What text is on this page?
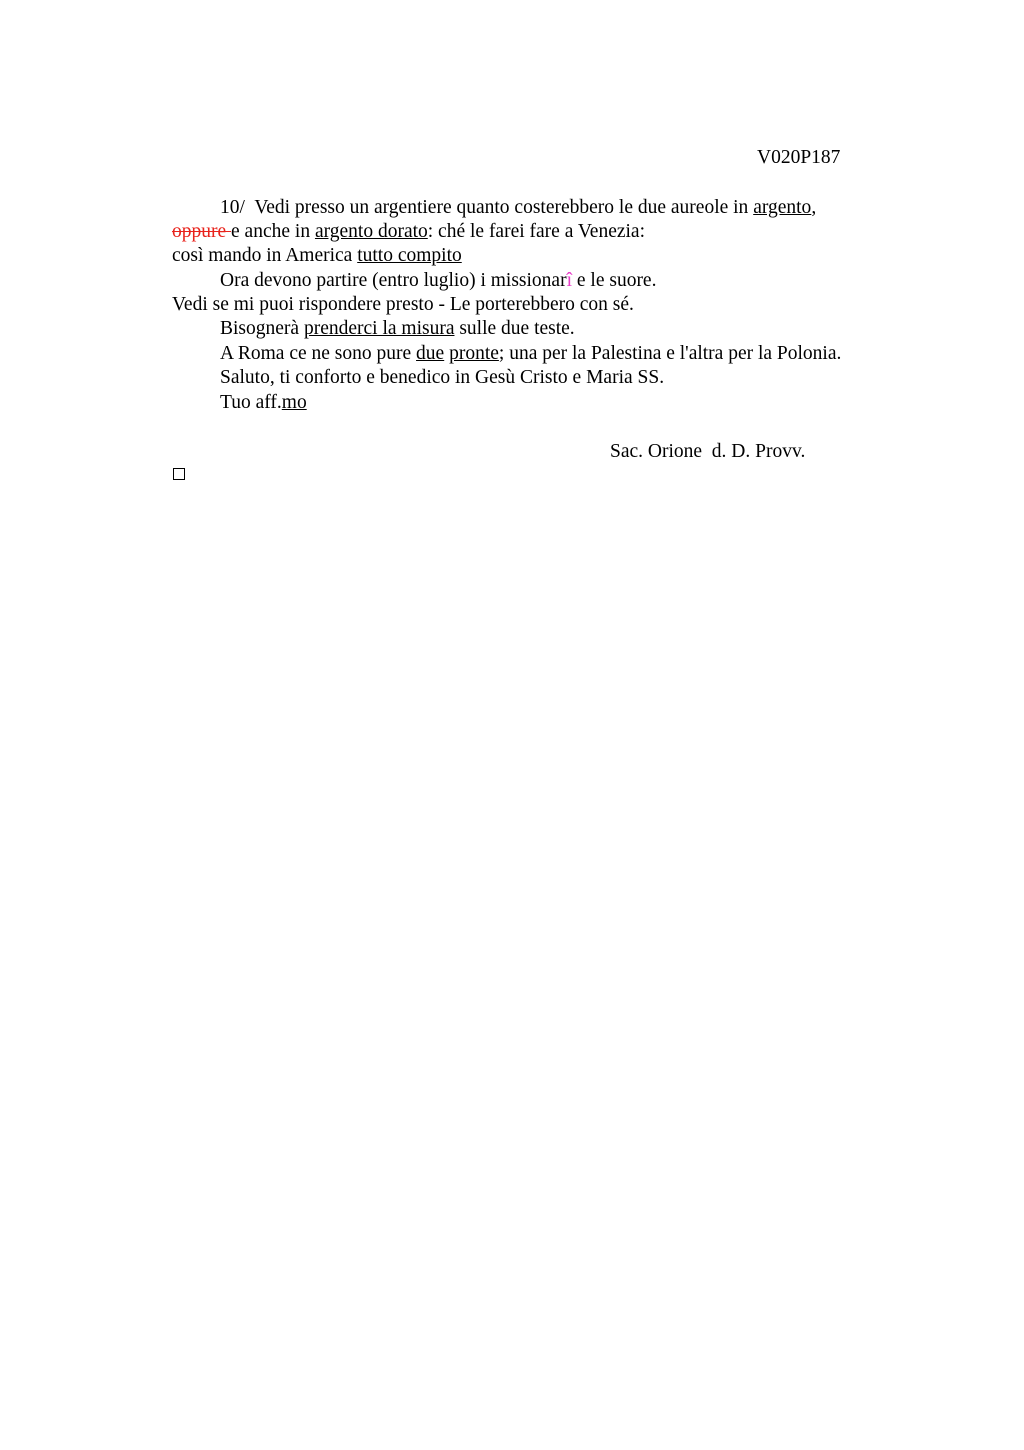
V020P187
10/  Vedi presso un argentiere quanto costerebbero le due aureole in argento,
oppure e anche in argento dorato: ché le farei fare a Venezia:
così mando in America tutto compito
Ora devono partire (entro luglio) i missionarî e le suore.
Vedi se mi puoi rispondere presto - Le porterebbero con sé.
Bisognerà prenderci la misura sulle due teste.
A Roma ce ne sono pure due pronte; una per la Palestina e l'altra per la Polonia.
Saluto, ti conforto e benedico in Gesù Cristo e Maria SS.
Tuo aff.mo
Sac. Orione  d. D. Provv.
